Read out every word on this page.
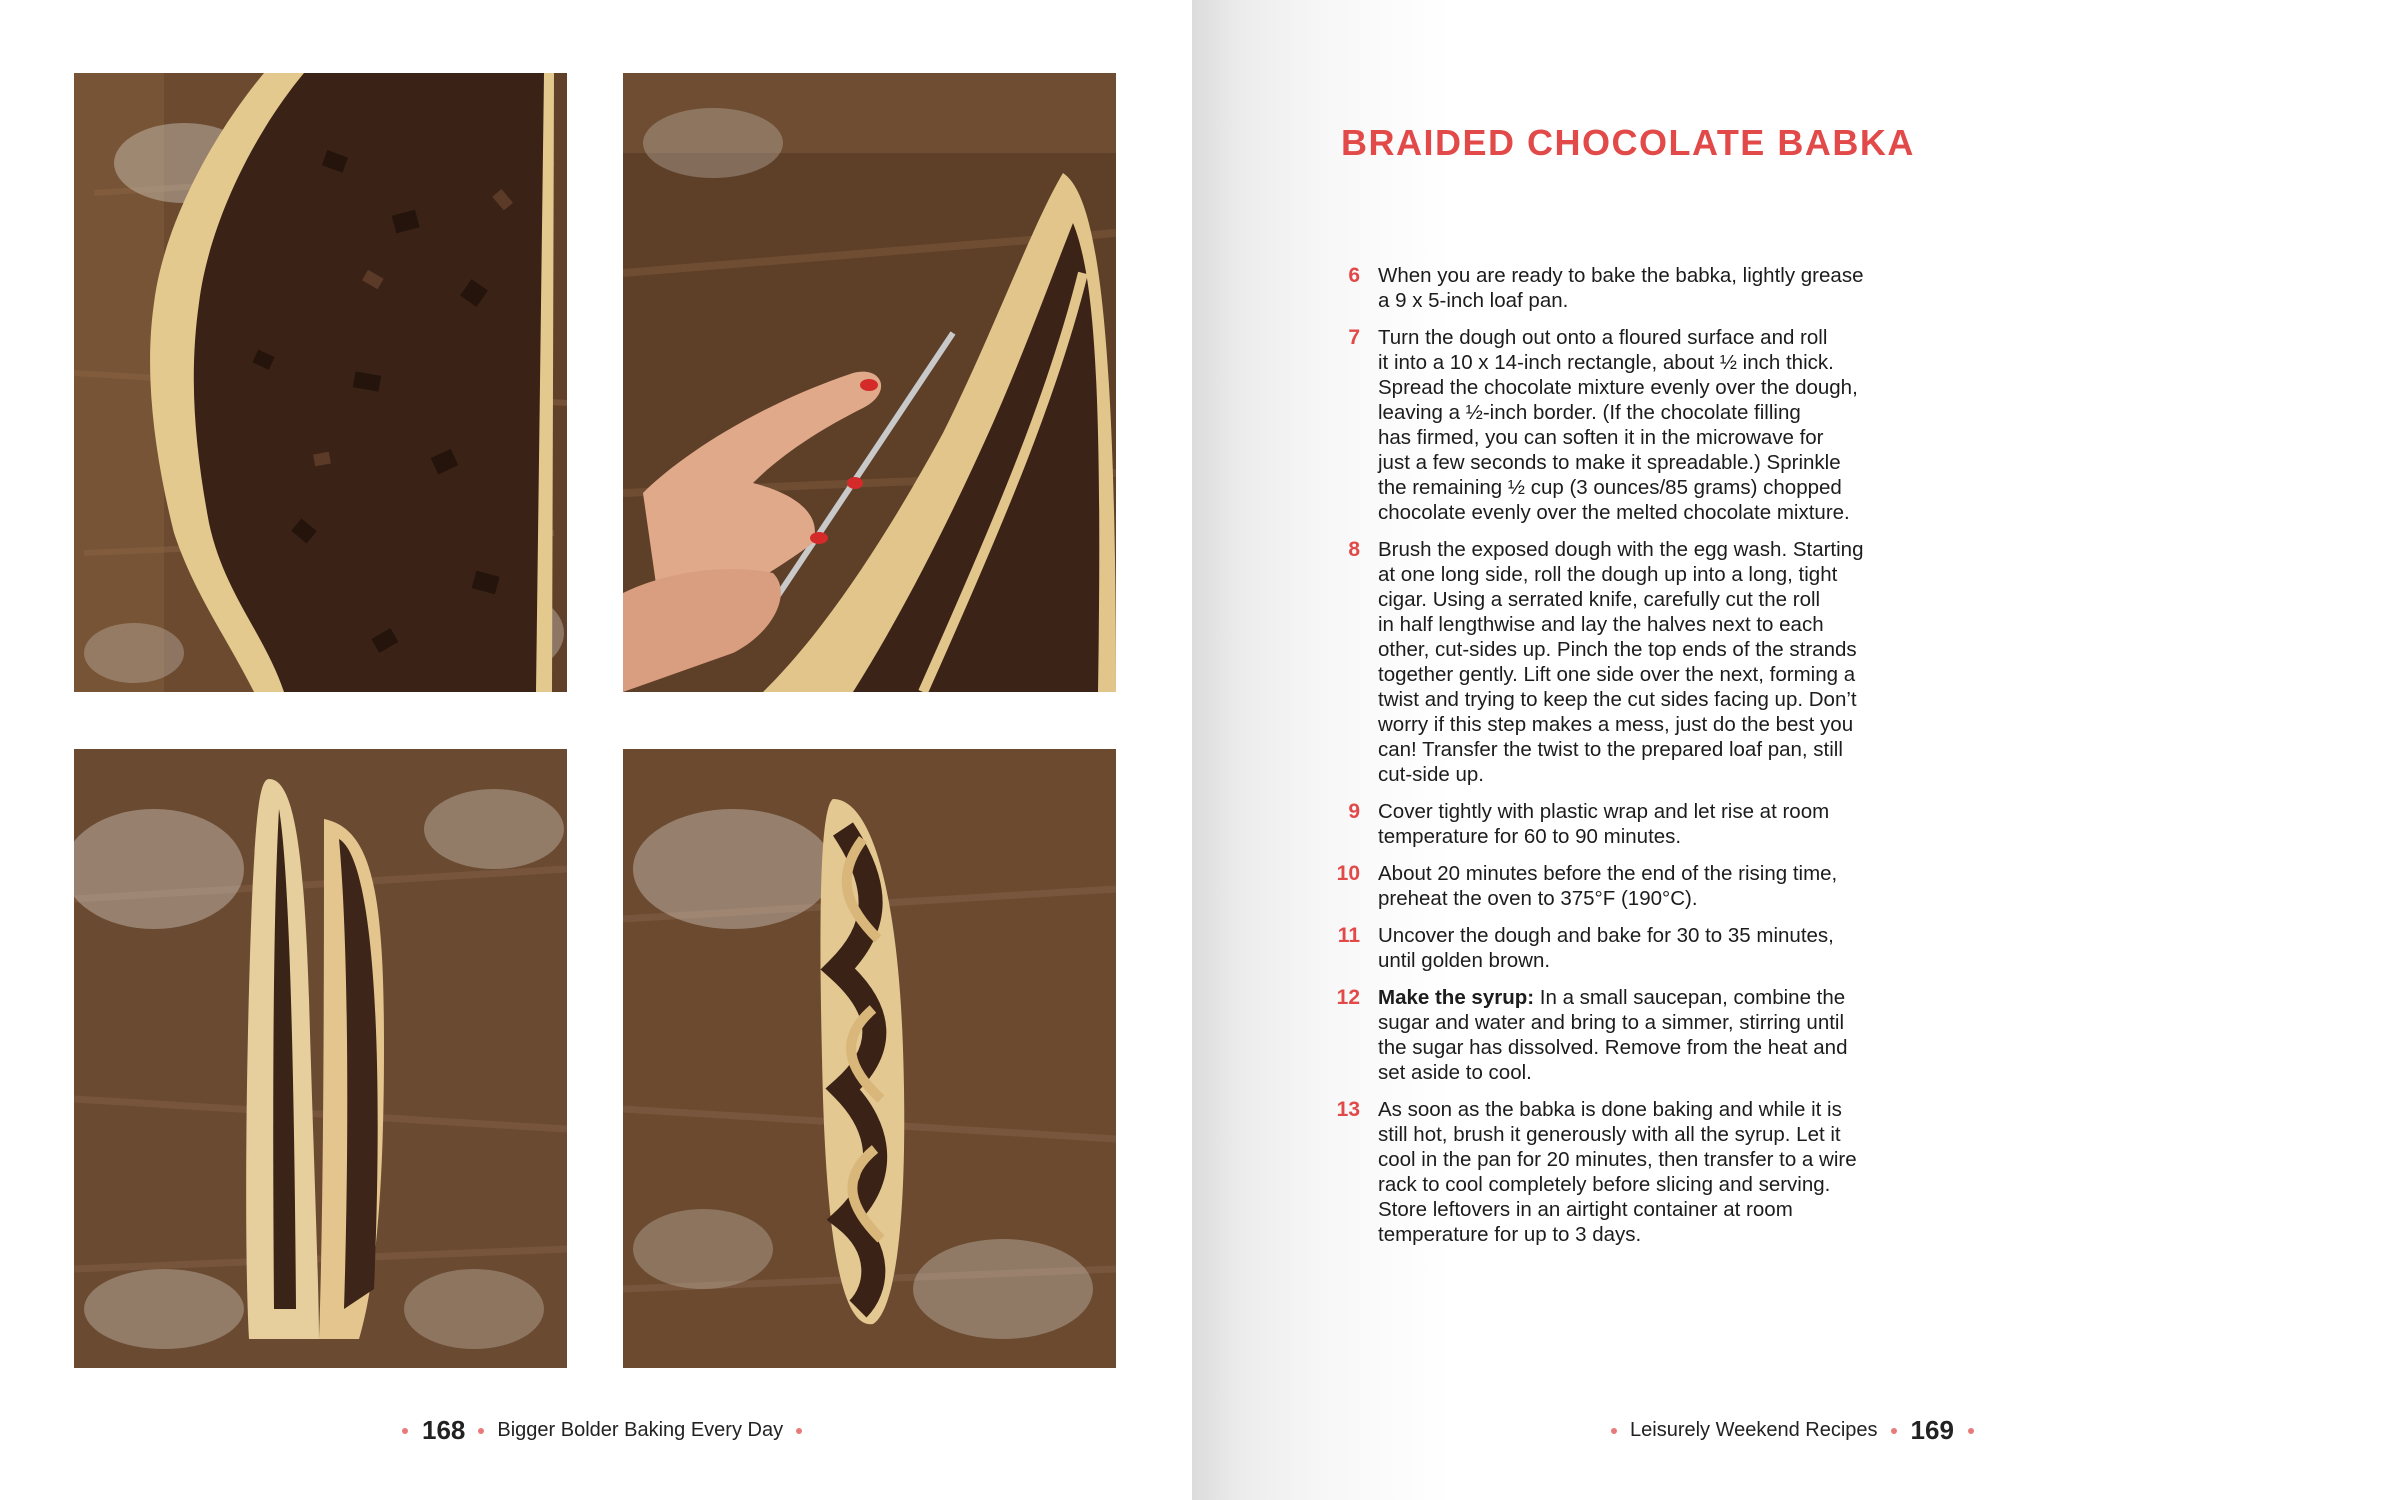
168 Bigger Bolder Baking Every Day
BRAIDED CHOCOLATE BABKA
6 When you are ready to bake the babka, lightly grease
a 9 x 5-inch loaf pan.
7 Turn the dough out onto a floured surface and roll
it into a 10 x 14-inch rectangle, about ½ inch thick.
Spread the chocolate mixture evenly over the dough,
leaving a ½-inch border. (If the chocolate filling
has firmed, you can soften it in the microwave for
just a few seconds to make it spreadable.) Sprinkle
the remaining ½ cup (3 ounces/85 grams) chopped
chocolate evenly over the melted chocolate mixture.
8 Brush the exposed dough with the egg wash. Starting
at one long side, roll the dough up into a long, tight
cigar. Using a serrated knife, carefully cut the roll
in half lengthwise and lay the halves next to each
other, cut-sides up. Pinch the top ends of the strands
together gently. Lift one side over the next, forming a
twist and trying to keep the cut sides facing up. Don’t
worry if this step makes a mess, just do the best you
can! Transfer the twist to the prepared loaf pan, still
cut-side up.
9 Cover tightly with plastic wrap and let rise at room
temperature for 60 to 90 minutes.
10 About 20 minutes before the end of the rising time,
preheat the oven to 375°F (190°C).
11 Uncover the dough and bake for 30 to 35 minutes,
until golden brown.
12 Make the syrup: In a small saucepan, combine the
sugar and water and bring to a simmer, stirring until
the sugar has dissolved. Remove from the heat and
set aside to cool.
13 As soon as the babka is done baking and while it is
still hot, brush it generously with all the syrup. Let it
cool in the pan for 20 minutes, then transfer to a wire
rack to cool completely before slicing and serving.
Store leftovers in an airtight container at room
temperature for up to 3 days.
Leisurely Weekend Recipes 169
